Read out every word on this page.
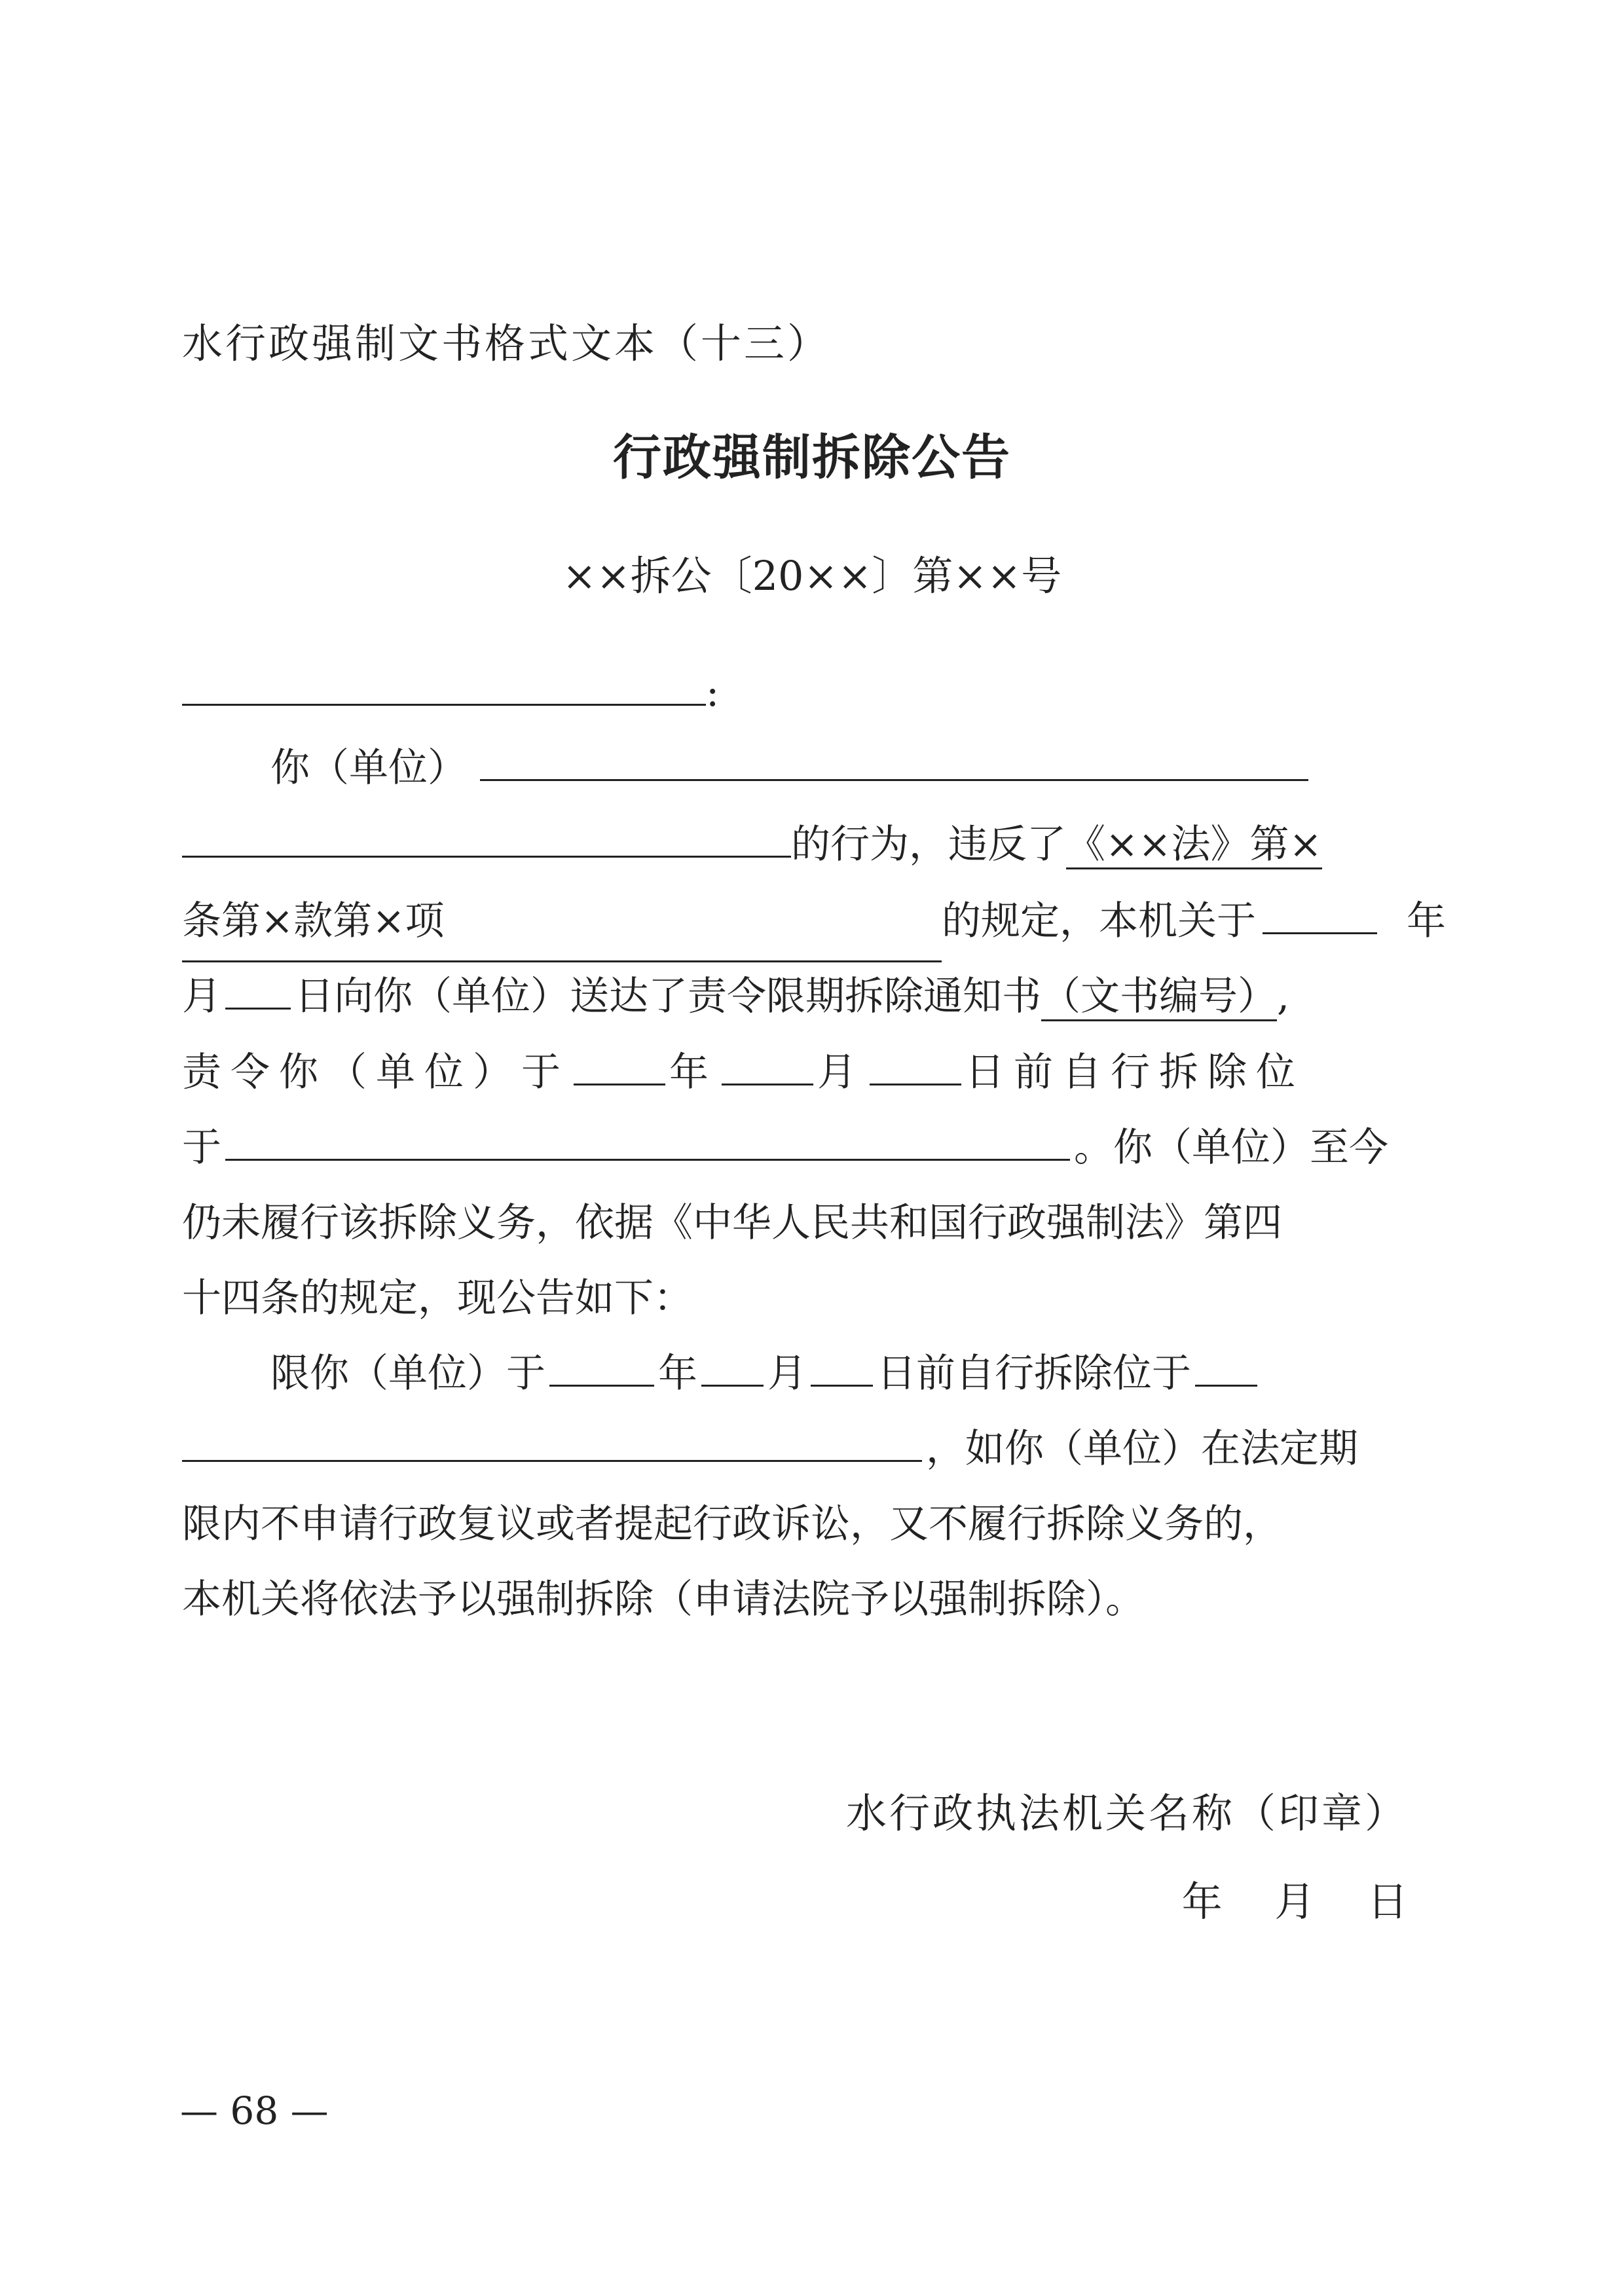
水行政强制文书格式文本（十三）
行政强制拆除公告
××拆公〔20××〕第××号
:
你（单位）
的行为，违反了《××法》第×
条第×款第×项	的规定，本机关于	年
月 日向你（单位）送达了责令限期拆除通知书（文书编号）,
责令你（单位）于	年	月	日前自行拆除位
于	。你（单位）至今
仍未履行该拆除义务，依据《中华人民共和国行政强制法》第四
十四条的规定，现公告如下：
限你（单位）于	年 月 日前自行拆除位于
，如你（单位）在法定期
限内不申请行政复议或者提起行政诉讼，又不履行拆除义务的，
本机关将依法予以强制拆除（申请法院予以强制拆除）。
水行政执法机关名称（印章）
年 月 日
— 68 —
